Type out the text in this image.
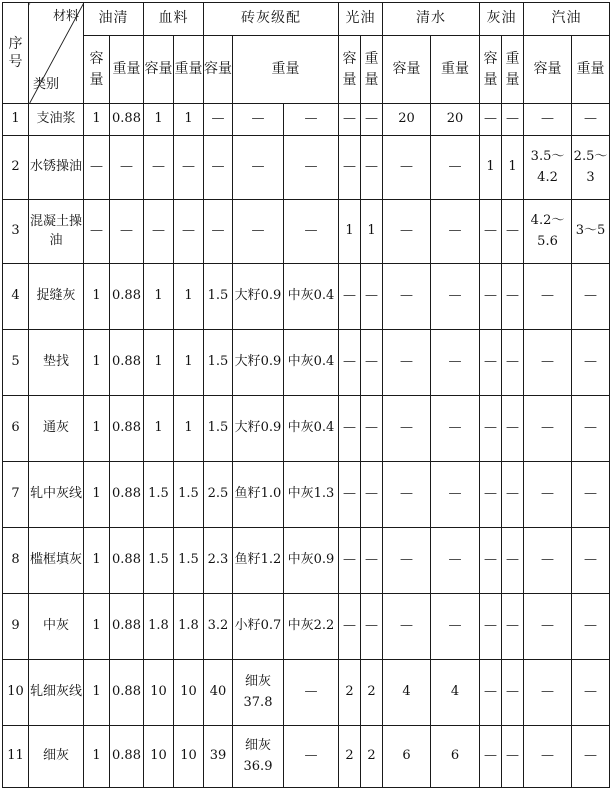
序号	材料
类别	油清		血料		砖灰级配			光油		清水		灰油		汽油	
		容量	重量	容量	重量	容量	重量		容量	重量	容量	重量	容量	重量	容量	重量
1	支油浆	1	0.88	1	1	—	—	—	—	—	20	20	—	—	—	—
2	水锈操油	—	—	—	—	—	—	—	—	—	—	—	1	1	3.5～4.2	2.5～3
3	混凝土操油	—	—	—	—	—	—	—	1	1	—	—	—	—	4.2～5.6	3～5
4	捉缝灰	1	0.88	1	1	1.5	大籽0.9	中灰0.4	—	—	—	—	—	—	—	—
5	垫找	1	0.88	1	1	1.5	大籽0.9	中灰0.4	—	—	—	—	—	—	—	—
6	通灰	1	0.88	1	1	1.5	大籽0.9	中灰0.4	—	—	—	—	—	—	—	—
7	轧中灰线	1	0.88	1.5	1.5	2.5	鱼籽1.0	中灰1.3	—	—	—	—	—	—	—	—
8	槛框填灰	1	0.88	1.5	1.5	2.3	鱼籽1.2	中灰0.9	—	—	—	—	—	—	—	—
9	中灰	1	0.88	1.8	1.8	3.2	小籽0.7	中灰2.2	—	—	—	—	—	—	—	—
10	轧细灰线	1	0.88	10	10	40	细灰37.8	—	2	2	4	4	—	—	—	—
11	细灰	1	0.88	10	10	39	细灰36.9	—	2	2	6	6	—	—	—	—
